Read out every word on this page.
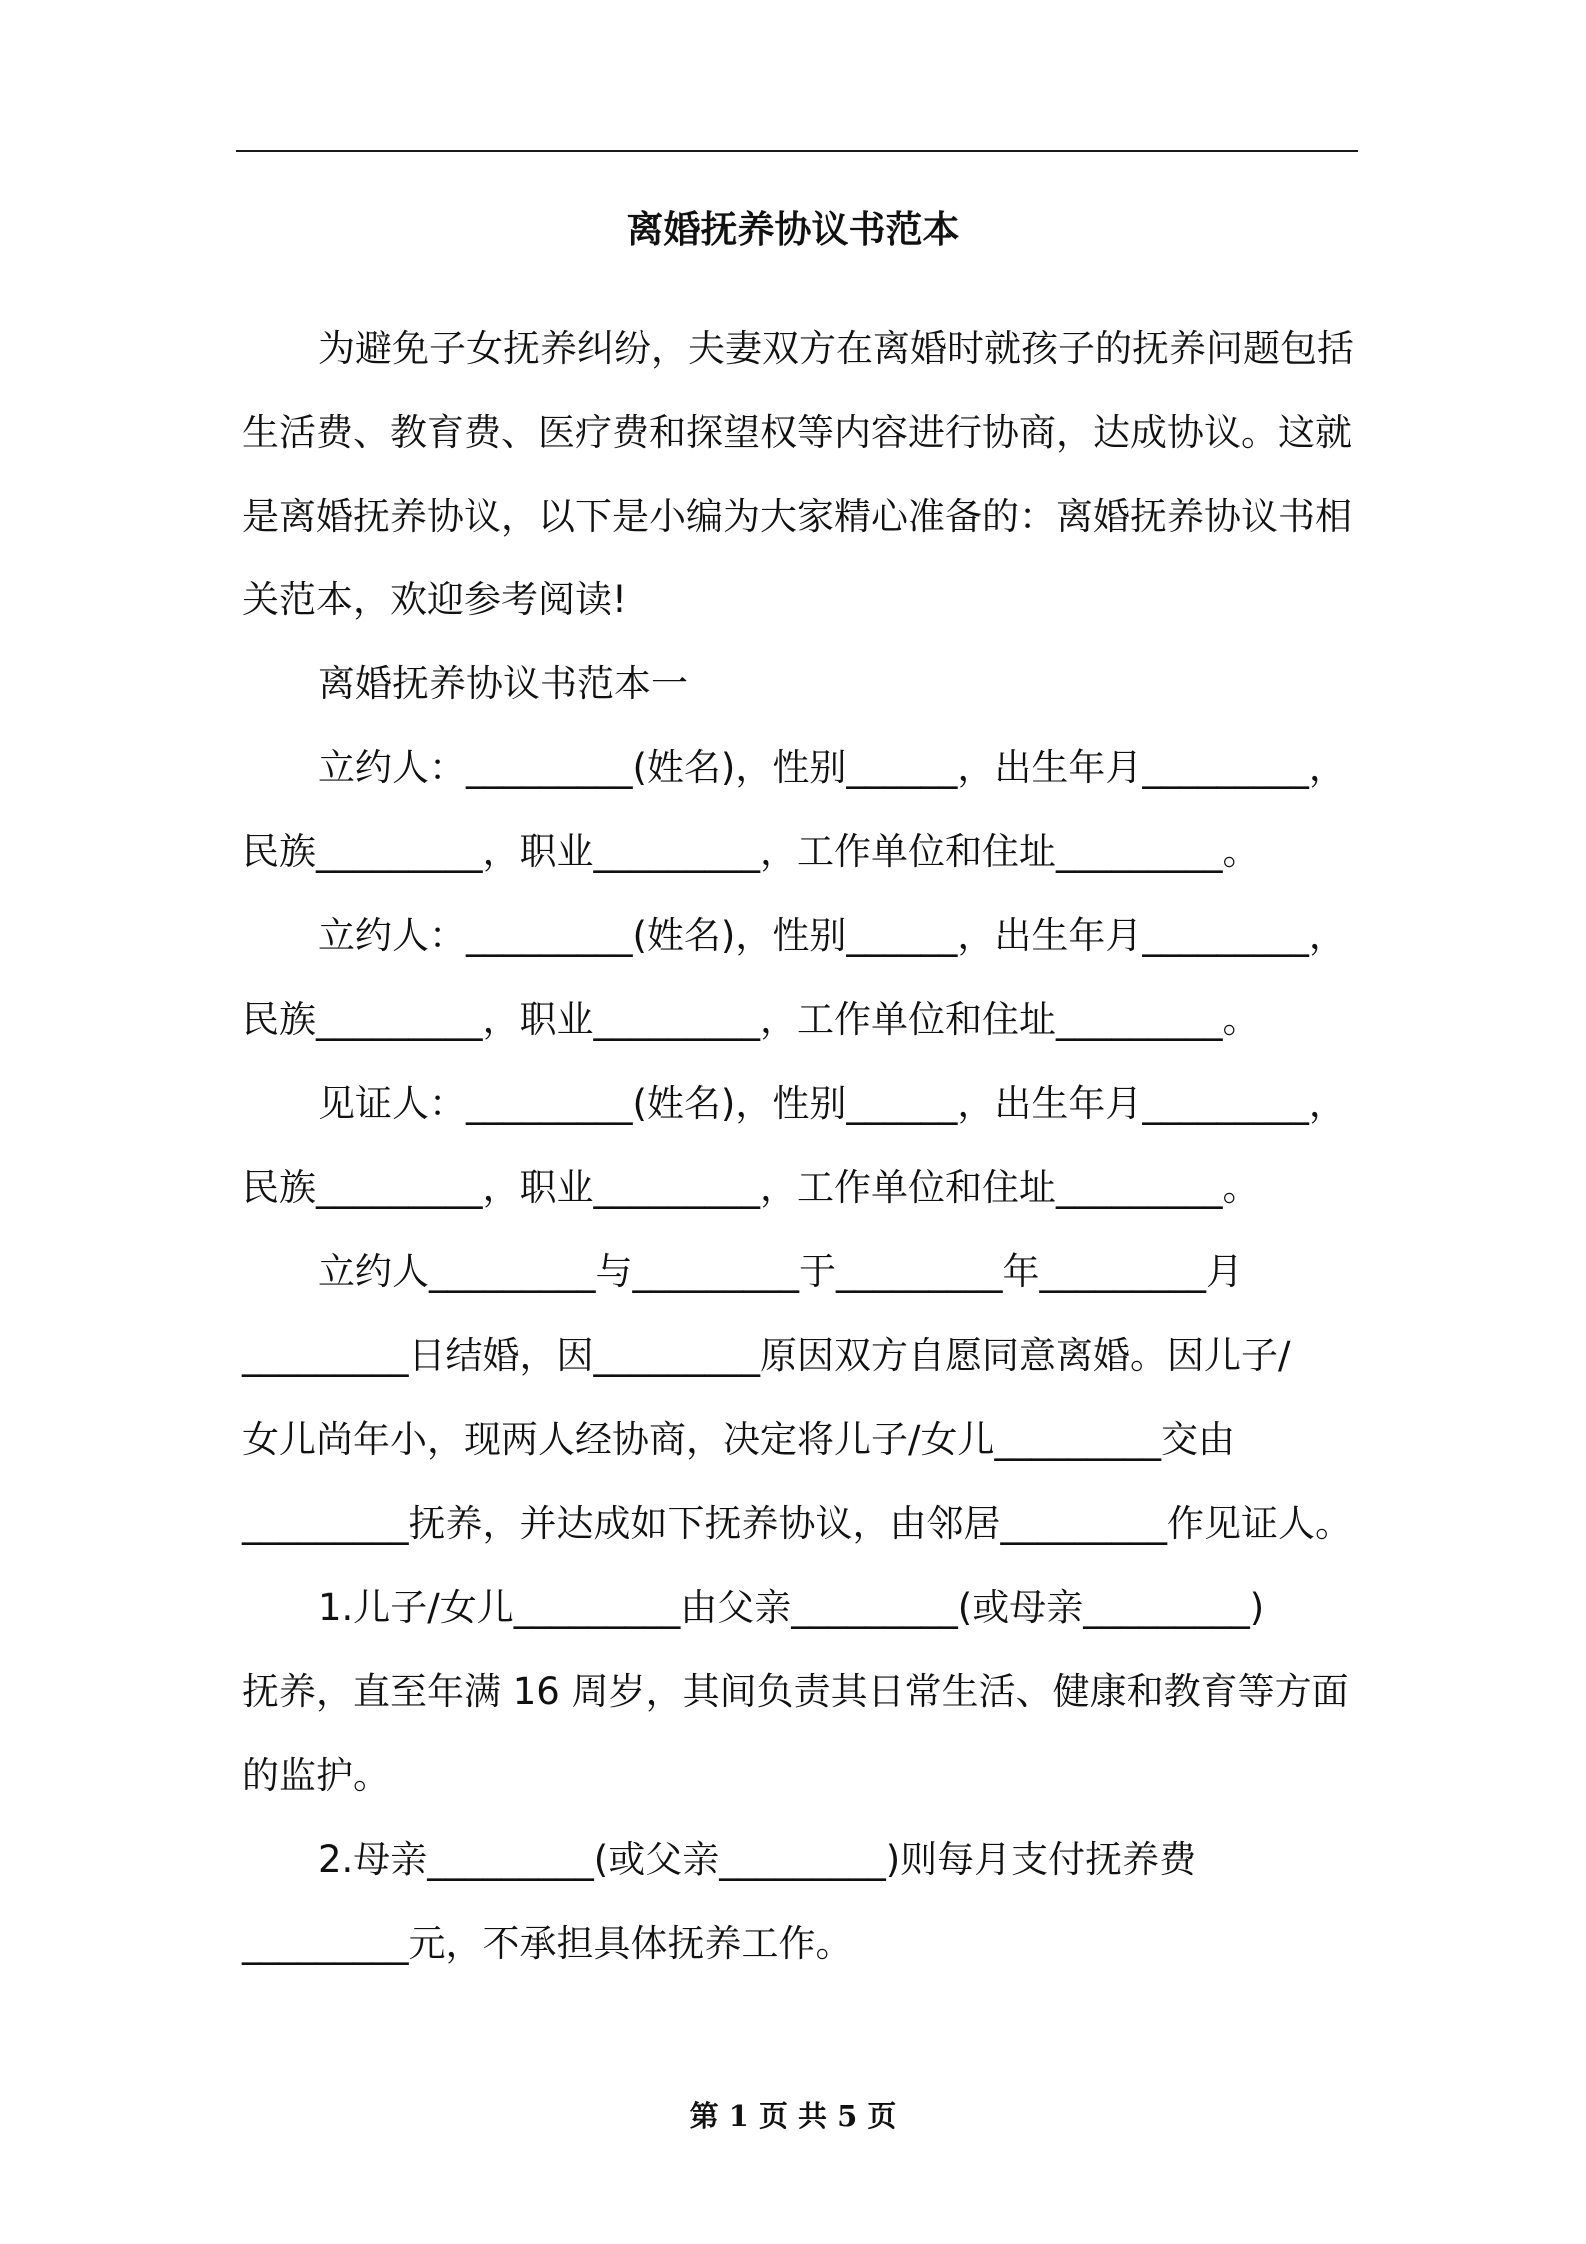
离婚抚养协议书范本
为避免子女抚养纠纷，夫妻双方在离婚时就孩子的抚养问题包括
生活费、教育费、医疗费和探望权等内容进行协商，达成协议。这就
是离婚抚养协议，以下是小编为大家精心准备的：离婚抚养协议书相
关范本，欢迎参考阅读!
离婚抚养协议书范本一
立约人：_________(姓名)，性别______，出生年月_________，
民族_________，职业_________，工作单位和住址_________。
立约人：_________(姓名)，性别______，出生年月_________，
民族_________，职业_________，工作单位和住址_________。
见证人：_________(姓名)，性别______，出生年月_________，
民族_________，职业_________，工作单位和住址_________。
立约人_________与_________于_________年_________月
_________日结婚，因_________原因双方自愿同意离婚。因儿子/
女儿尚年小，现两人经协商，决定将儿子/女儿_________交由
_________抚养，并达成如下抚养协议，由邻居_________作见证人。
1.儿子/女儿_________由父亲_________(或母亲_________)
抚养，直至年满 16 周岁，其间负责其日常生活、健康和教育等方面
的监护。
2.母亲_________(或父亲_________)则每月支付抚养费
_________元，不承担具体抚养工作。
第 1 页 共 5 页
